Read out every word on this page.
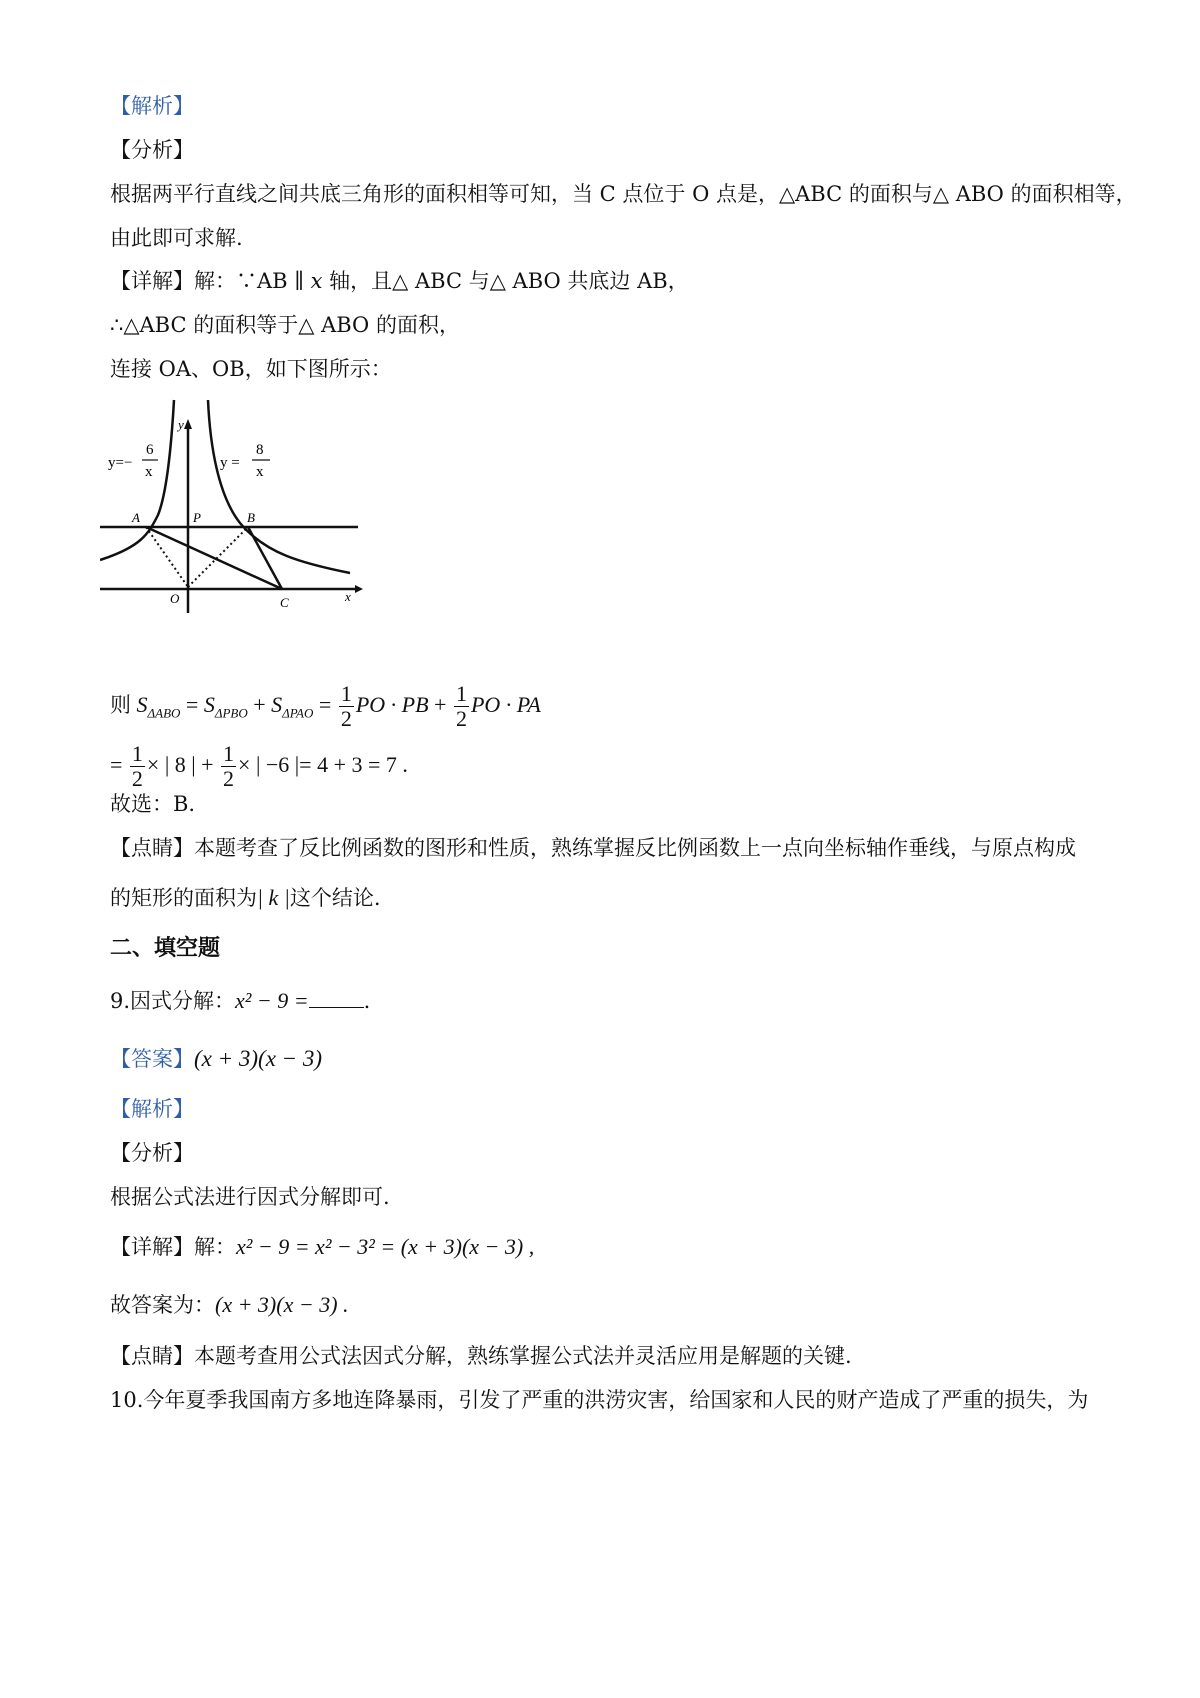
【解析】
【分析】
根据两平行直线之间共底三角形的面积相等可知，当 C 点位于 O 点是，△ABC 的面积与△ ABO 的面积相等，
由此即可求解.
【详解】解：∵AB ∥ x 轴，且△ ABC 与△ ABO 共底边 AB，
∴△ABC 的面积等于△ ABO 的面积，
连接 OA、OB，如下图所示：
y
x
A	P	B
O	C
y=−
6
x
y =
8
x
则 $S_{\Delta ABO} = S_{\Delta PBO} + S_{\Delta PAO} = \frac{1}{2}$ PO · PB + $\frac{1}{2}$ PO · PA
= $\frac{1}{2}$ × | 8 | + $\frac{1}{2}$ × | −6 |= 4 + 3 = 7 .
故选：B.
【点睛】本题考查了反比例函数的图形和性质，熟练掌握反比例函数上一点向坐标轴作垂线，与原点构成
的矩形的面积为| k |这个结论.
二、填空题
9.因式分解：x² − 9 =	.
【答案】(x + 3)(x − 3)
【解析】
【分析】
根据公式法进行因式分解即可.
【详解】解：x² − 9 = x² − 3² = (x + 3)(x − 3) ,
故答案为：(x + 3)(x − 3) .
【点睛】本题考查用公式法因式分解，熟练掌握公式法并灵活应用是解题的关键.
10.今年夏季我国南方多地连降暴雨，引发了严重的洪涝灾害，给国家和人民的财产造成了严重的损失，为
